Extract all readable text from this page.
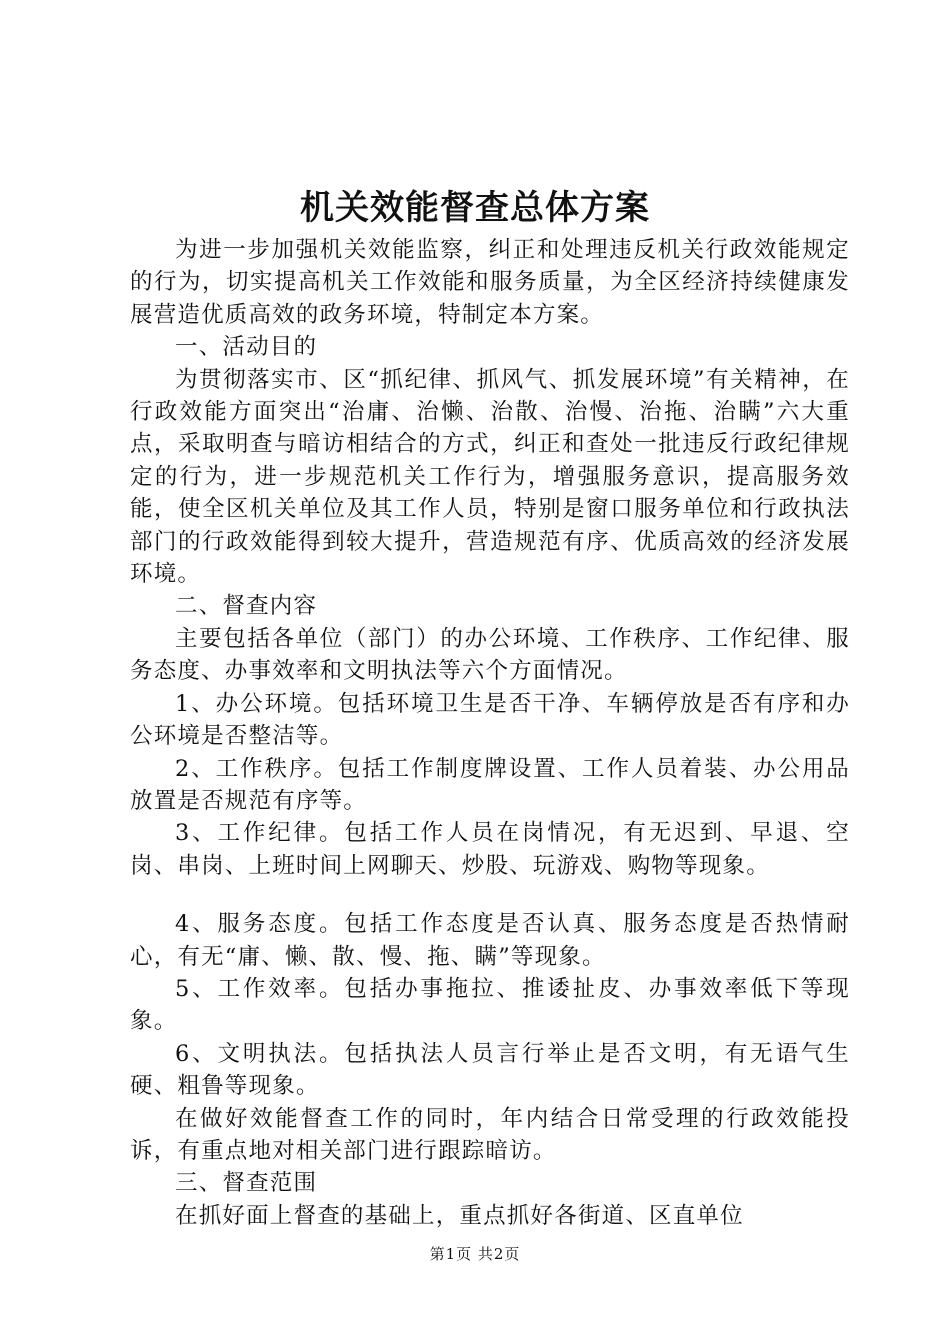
机关效能督查总体方案

为进一步加强机关效能监察，纠正和处理违反机关行政效能规定的行为，切实提高机关工作效能和服务质量，为全区经济持续健康发展营造优质高效的政务环境，特制定本方案。

一、活动目的

为贯彻落实市、区“抓纪律、抓风气、抓发展环境”有关精神，在行政效能方面突出“治庸、治懒、治散、治慢、治拖、治瞒”六大重点，采取明查与暗访相结合的方式，纠正和查处一批违反行政纪律规定的行为，进一步规范机关工作行为，增强服务意识，提高服务效能，使全区机关单位及其工作人员，特别是窗口服务单位和行政执法部门的行政效能得到较大提升，营造规范有序、优质高效的经济发展环境。

二、督查内容

主要包括各单位（部门）的办公环境、工作秩序、工作纪律、服务态度、办事效率和文明执法等六个方面情况。

1、办公环境。包括环境卫生是否干净、车辆停放是否有序和办公环境是否整洁等。

2、工作秩序。包括工作制度牌设置、工作人员着装、办公用品放置是否规范有序等。

3、工作纪律。包括工作人员在岗情况，有无迟到、早退、空岗、串岗、上班时间上网聊天、炒股、玩游戏、购物等现象。

4、服务态度。包括工作态度是否认真、服务态度是否热情耐心，有无“庸、懒、散、慢、拖、瞒”等现象。

5、工作效率。包括办事拖拉、推诿扯皮、办事效率低下等现象。

6、文明执法。包括执法人员言行举止是否文明，有无语气生硬、粗鲁等现象。

在做好效能督查工作的同时，年内结合日常受理的行政效能投诉，有重点地对相关部门进行跟踪暗访。

三、督查范围

在抓好面上督查的基础上，重点抓好各街道、区直单位

第1页 共2页
